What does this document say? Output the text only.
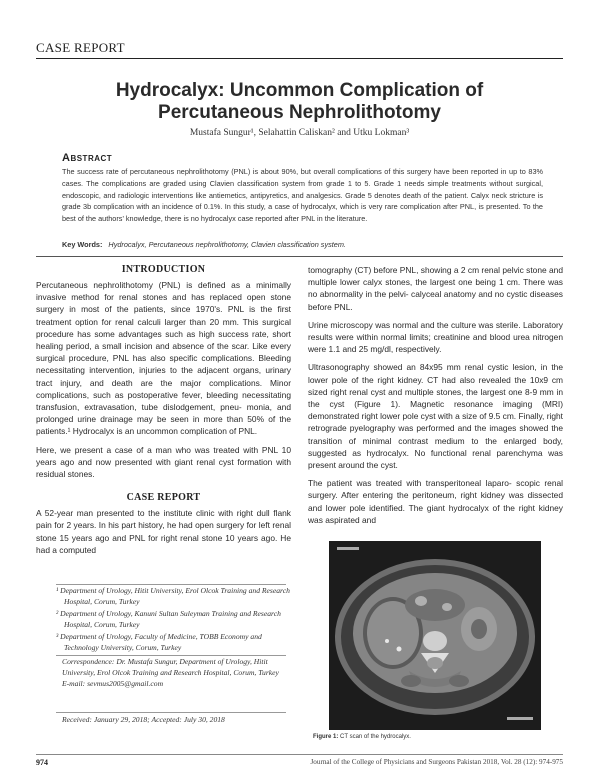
CASE REPORT
Hydrocalyx: Uncommon Complication of
Percutaneous Nephrolithotomy
Mustafa Sungur¹, Selahattin Caliskan² and Utku Lokman³
Abstract
The success rate of percutaneous nephrolithotomy (PNL) is about 90%, but overall complications of this surgery have been reported in up to 83% cases. The complications are graded using Clavien classification system from grade 1 to 5. Grade 1 needs simple treatments without surgical, endoscopic, and radiologic interventions like antiemetics, antipyretics, and analgesics. Grade 5 denotes death of the patient. Calyx neck stricture is grade 3b complication with an incidence of 0.1%. In this study, a case of hydrocalyx, which is very rare complication after PNL, is presented. To the best of the authors' knowledge, there is no hydrocalyx case reported after PNL in the literature.
Key Words: Hydrocalyx, Percutaneous nephrolithotomy, Clavien classification system.
INTRODUCTION

Percutaneous nephrolithotomy (PNL) is defined as a minimally invasive method for renal stones and has replaced open stone surgery in most of the patients, since 1970's. PNL is the first treatment option for renal calculi larger than 20 mm. This surgical procedure has some advantages such as high success rate, short healing period, a small incision and absence of the scar. Like every surgical procedure, PNL has also specific complications. Bleeding necessitating intervention, injuries to the adjacent organs, urinary tract injury, and death are the major complications. Minor complications, such as postoperative fever, bleeding necessitating transfusion, extravasation, tube dislodgement, pneu- monia, and prolonged urine drainage may be seen in more than 50% of the patients.¹ Hydrocalyx is an uncommon complication of PNL.

Here, we present a case of a man who was treated with PNL 10 years ago and now presented with giant renal cyst formation with residual stones.

CASE REPORT

A 52-year man presented to the institute clinic with right dull flank pain for 2 years. In his part history, he had open surgery for left renal stone 15 years ago and PNL for right renal stone 10 years ago. He had a computed

¹ Department of Urology, Hitit University, Erol Olcok Training and Research Hospital, Corum, Turkey

² Department of Urology, Kanuni Sultan Suleyman Training and Research Hospital, Corum, Turkey

³ Department of Urology, Faculty of Medicine, TOBB Economy and Technology University, Corum, Turkey

Correspondence: Dr. Mustafa Sungur, Department of Urology, Hitit University, Erol Olcok Training and Research Hospital, Corum, Turkey
E-mail: sevmus2005@gmail.com
Received: January 29, 2018; Accepted: July 30, 2018

tomography (CT) before PNL, showing a 2 cm renal pelvic stone and multiple lower calyx stones, the largest one being 1 cm. There was no abnormality in the pelvi- calyceal anatomy and no cystic diseases before PNL.

Urine microscopy was normal and the culture was sterile. Laboratory results were within normal limits; creatinine and blood urea nitrogen were 1.1 and 25 mg/dl, respectively.

Ultrasonography showed an 84x95 mm renal cystic lesion, in the lower pole of the right kidney. CT had also revealed the 10x9 cm sized right renal cyst and multiple stones, the largest one 8-9 mm in the cyst (Figure 1). Magnetic resonance imaging (MRI) demonstrated right lower pole cyst with a size of 9.5 cm. Finally, right retrograde pyelography was performed and the images showed the transition of minimal contrast medium to the enlarged body, suggested as hydrocalyx. No functional renal parenchyma was present around the cyst.

The patient was treated with transperitoneal laparo- scopic renal surgery. After entering the peritoneum, right kidney was dissected and lower pole identified. The giant hydrocalyx of the right kidney was aspirated and

Figure 1: CT scan of the hydrocalyx.
974	Journal of the College of Physicians and Surgeons Pakistan 2018, Vol. 28 (12): 974-975
